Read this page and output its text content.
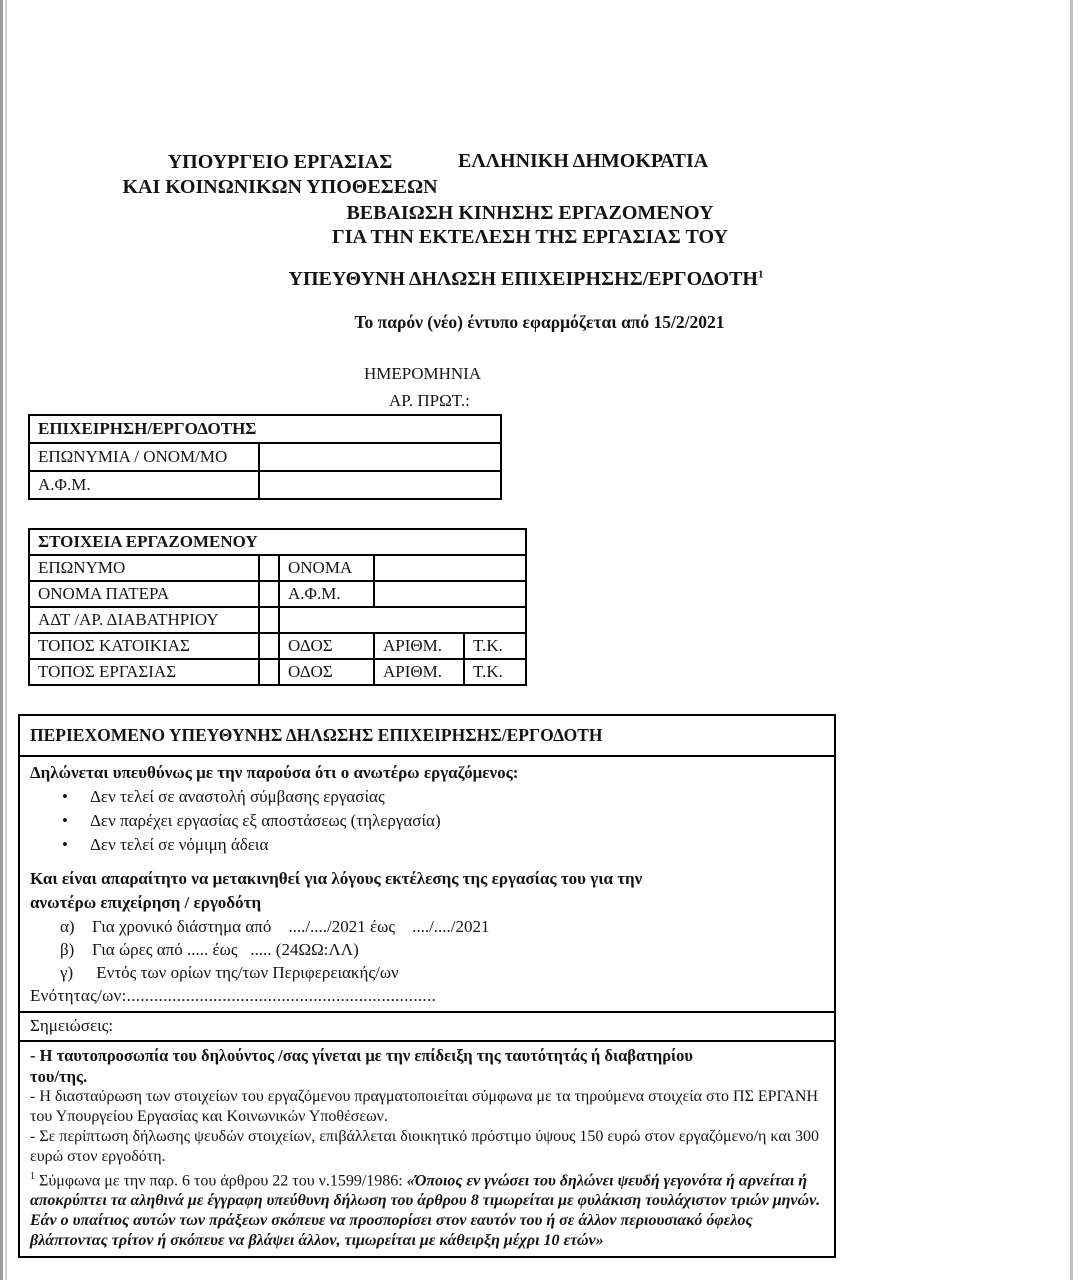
ΥΠΟΥΡΓΕΙΟ ΕΡΓΑΣΙΑΣ
ΚΑΙ ΚΟΙΝΩΝΙΚΩΝ ΥΠΟΘΕΣΕΩΝ
ΕΛΛΗΝΙΚΗ ΔΗΜΟΚΡΑΤΙΑ
ΒΕΒΑΙΩΣΗ ΚΙΝΗΣΗΣ ΕΡΓΑΖΟΜΕΝΟΥ
ΓΙΑ ΤΗΝ ΕΚΤΕΛΕΣΗ ΤΗΣ ΕΡΓΑΣΙΑΣ ΤΟΥ
ΥΠΕΥΘΥΝΗ ΔΗΛΩΣΗ ΕΠΙΧΕΙΡΗΣΗΣ/ΕΡΓΟΔΟΤΗ$^1$
Το παρόν (νέο) έντυπο εφαρμόζεται από 15/2/2021
ΗΜΕΡΟΜΗΝΙΑ
ΑΡ. ΠΡΩΤ.:
ΕΠΙΧΕΙΡΗΣΗ/ΕΡΓΟΔΟΤΗΣ	
ΕΠΩΝΥΜΙΑ / ΟΝΟΜ/ΜΟ	
Α.Φ.Μ.	
ΣΤΟΙΧΕΙΑ ΕΡΓΑΖΟΜΕΝΟΥ				
ΕΠΩΝΥΜΟ		ΟΝΟΜΑ		
ΟΝΟΜΑ ΠΑΤΕΡΑ		Α.Φ.Μ.		
ΑΔΤ /ΑΡ. ΔΙΑΒΑΤΗΡΙΟΥ				
ΤΟΠΟΣ ΚΑΤΟΙΚΙΑΣ		ΟΔΟΣ	ΑΡΙΘΜ.	Τ.Κ.
ΤΟΠΟΣ ΕΡΓΑΣΙΑΣ		ΟΔΟΣ	ΑΡΙΘΜ.	Τ.Κ.
ΠΕΡΙΕΧΟΜΕΝΟ ΥΠΕΥΘΥΝΗΣ ΔΗΛΩΣΗΣ ΕΠΙΧΕΙΡΗΣΗΣ/ΕΡΓΟΔΟΤΗ
Δηλώνεται υπευθύνως με την παρούσα ότι ο ανωτέρω εργαζόμενος:
•	Δεν τελεί σε αναστολή σύμβασης εργασίας
•	Δεν παρέχει εργασίας εξ αποστάσεως (τηλεργασία)
•	Δεν τελεί σε νόμιμη άδεια
Και είναι απαραίτητο να μετακινηθεί για λόγους εκτέλεσης της εργασίας του για την
ανωτέρω επιχείρηση / εργοδότη
α) Για χρονικό διάστημα από    ..../..../2021 έως    ..../..../2021
β) Για ώρες από ..... έως   ..... (24ΩΩ:ΛΛ)
γ) Εντός των ορίων της/των Περιφερειακής/ων
Ενότητας/ων:....................................................................
Σημειώσεις:
- Η ταυτοπροσωπία του δηλούντος /σας γίνεται με την επίδειξη της ταυτότητάς ή διαβατηρίου
του/της.
- Η διασταύρωση των στοιχείων του εργαζόμενου πραγματοποιείται σύμφωνα με τα τηρούμενα στοιχεία στο ΠΣ ΕΡΓΑΝΗ του Υπουργείου Εργασίας και Κοινωνικών Υποθέσεων.
- Σε περίπτωση δήλωσης ψευδών στοιχείων, επιβάλλεται διοικητικό πρόστιμο ύψους 150 ευρώ στον εργαζόμενο/η και 300 ευρώ στον εργοδότη.
$^1$ Σύμφωνα με την παρ. 6 του άρθρου 22 του ν.1599/1986: «Όποιος εν γνώσει του δηλώνει ψευδή γεγονότα ή αρνείται ή αποκρύπτει τα αληθινά με έγγραφη υπεύθυνη δήλωση του άρθρου 8 τιμωρείται με φυλάκιση τουλάχιστον τριών μηνών. Εάν ο υπαίτιος αυτών των πράξεων σκόπευε να προσπορίσει στον εαυτόν του ή σε άλλον περιουσιακό όφελος βλάπτοντας τρίτον ή σκόπευε να βλάψει άλλον, τιμωρείται με κάθειρξη μέχρι 10 ετών»
